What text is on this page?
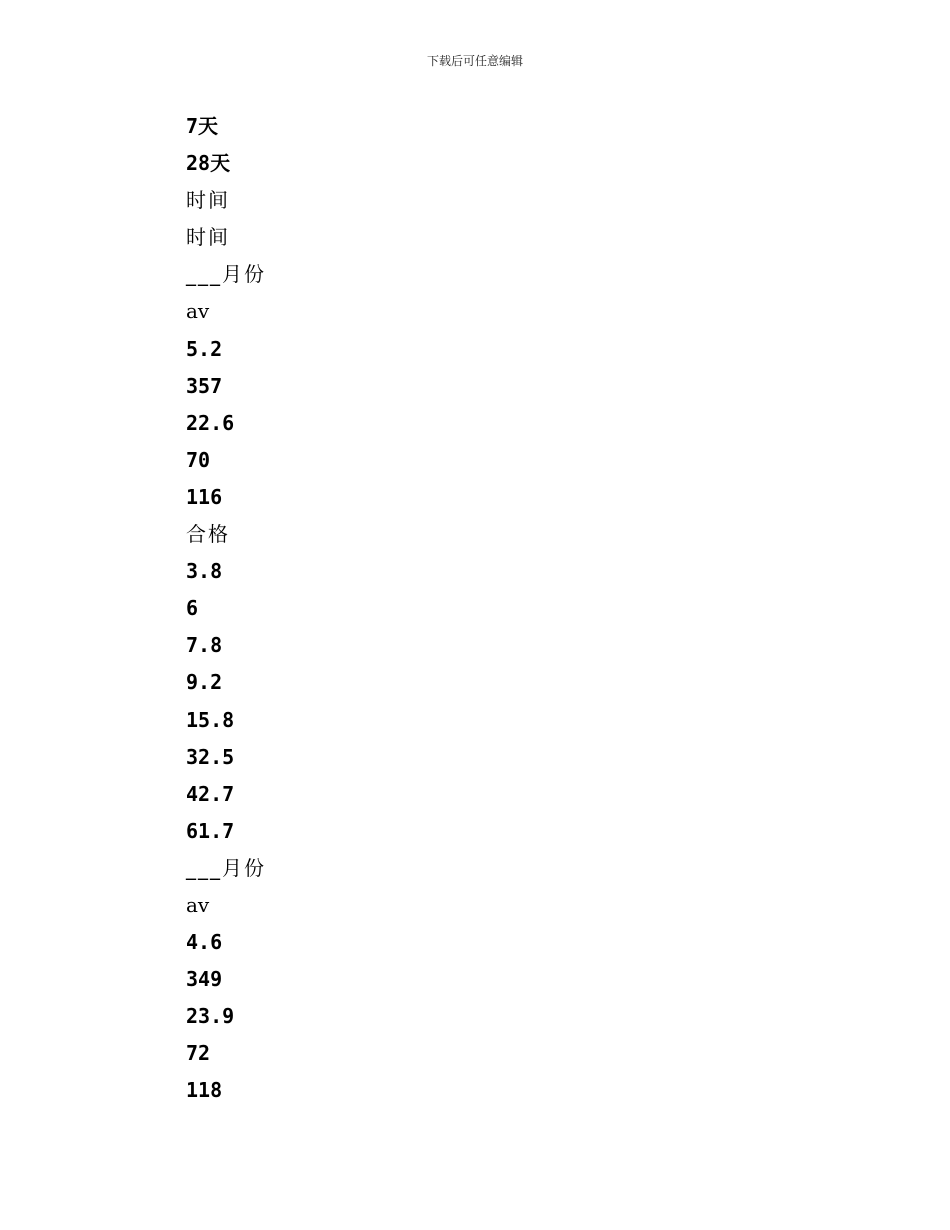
下载后可任意编辑
7天
28天
时间
时间
___月份
av
5.2
357
22.6
70
116
合格
3.8
6
7.8
9.2
15.8
32.5
42.7
61.7
___月份
av
4.6
349
23.9
72
118
